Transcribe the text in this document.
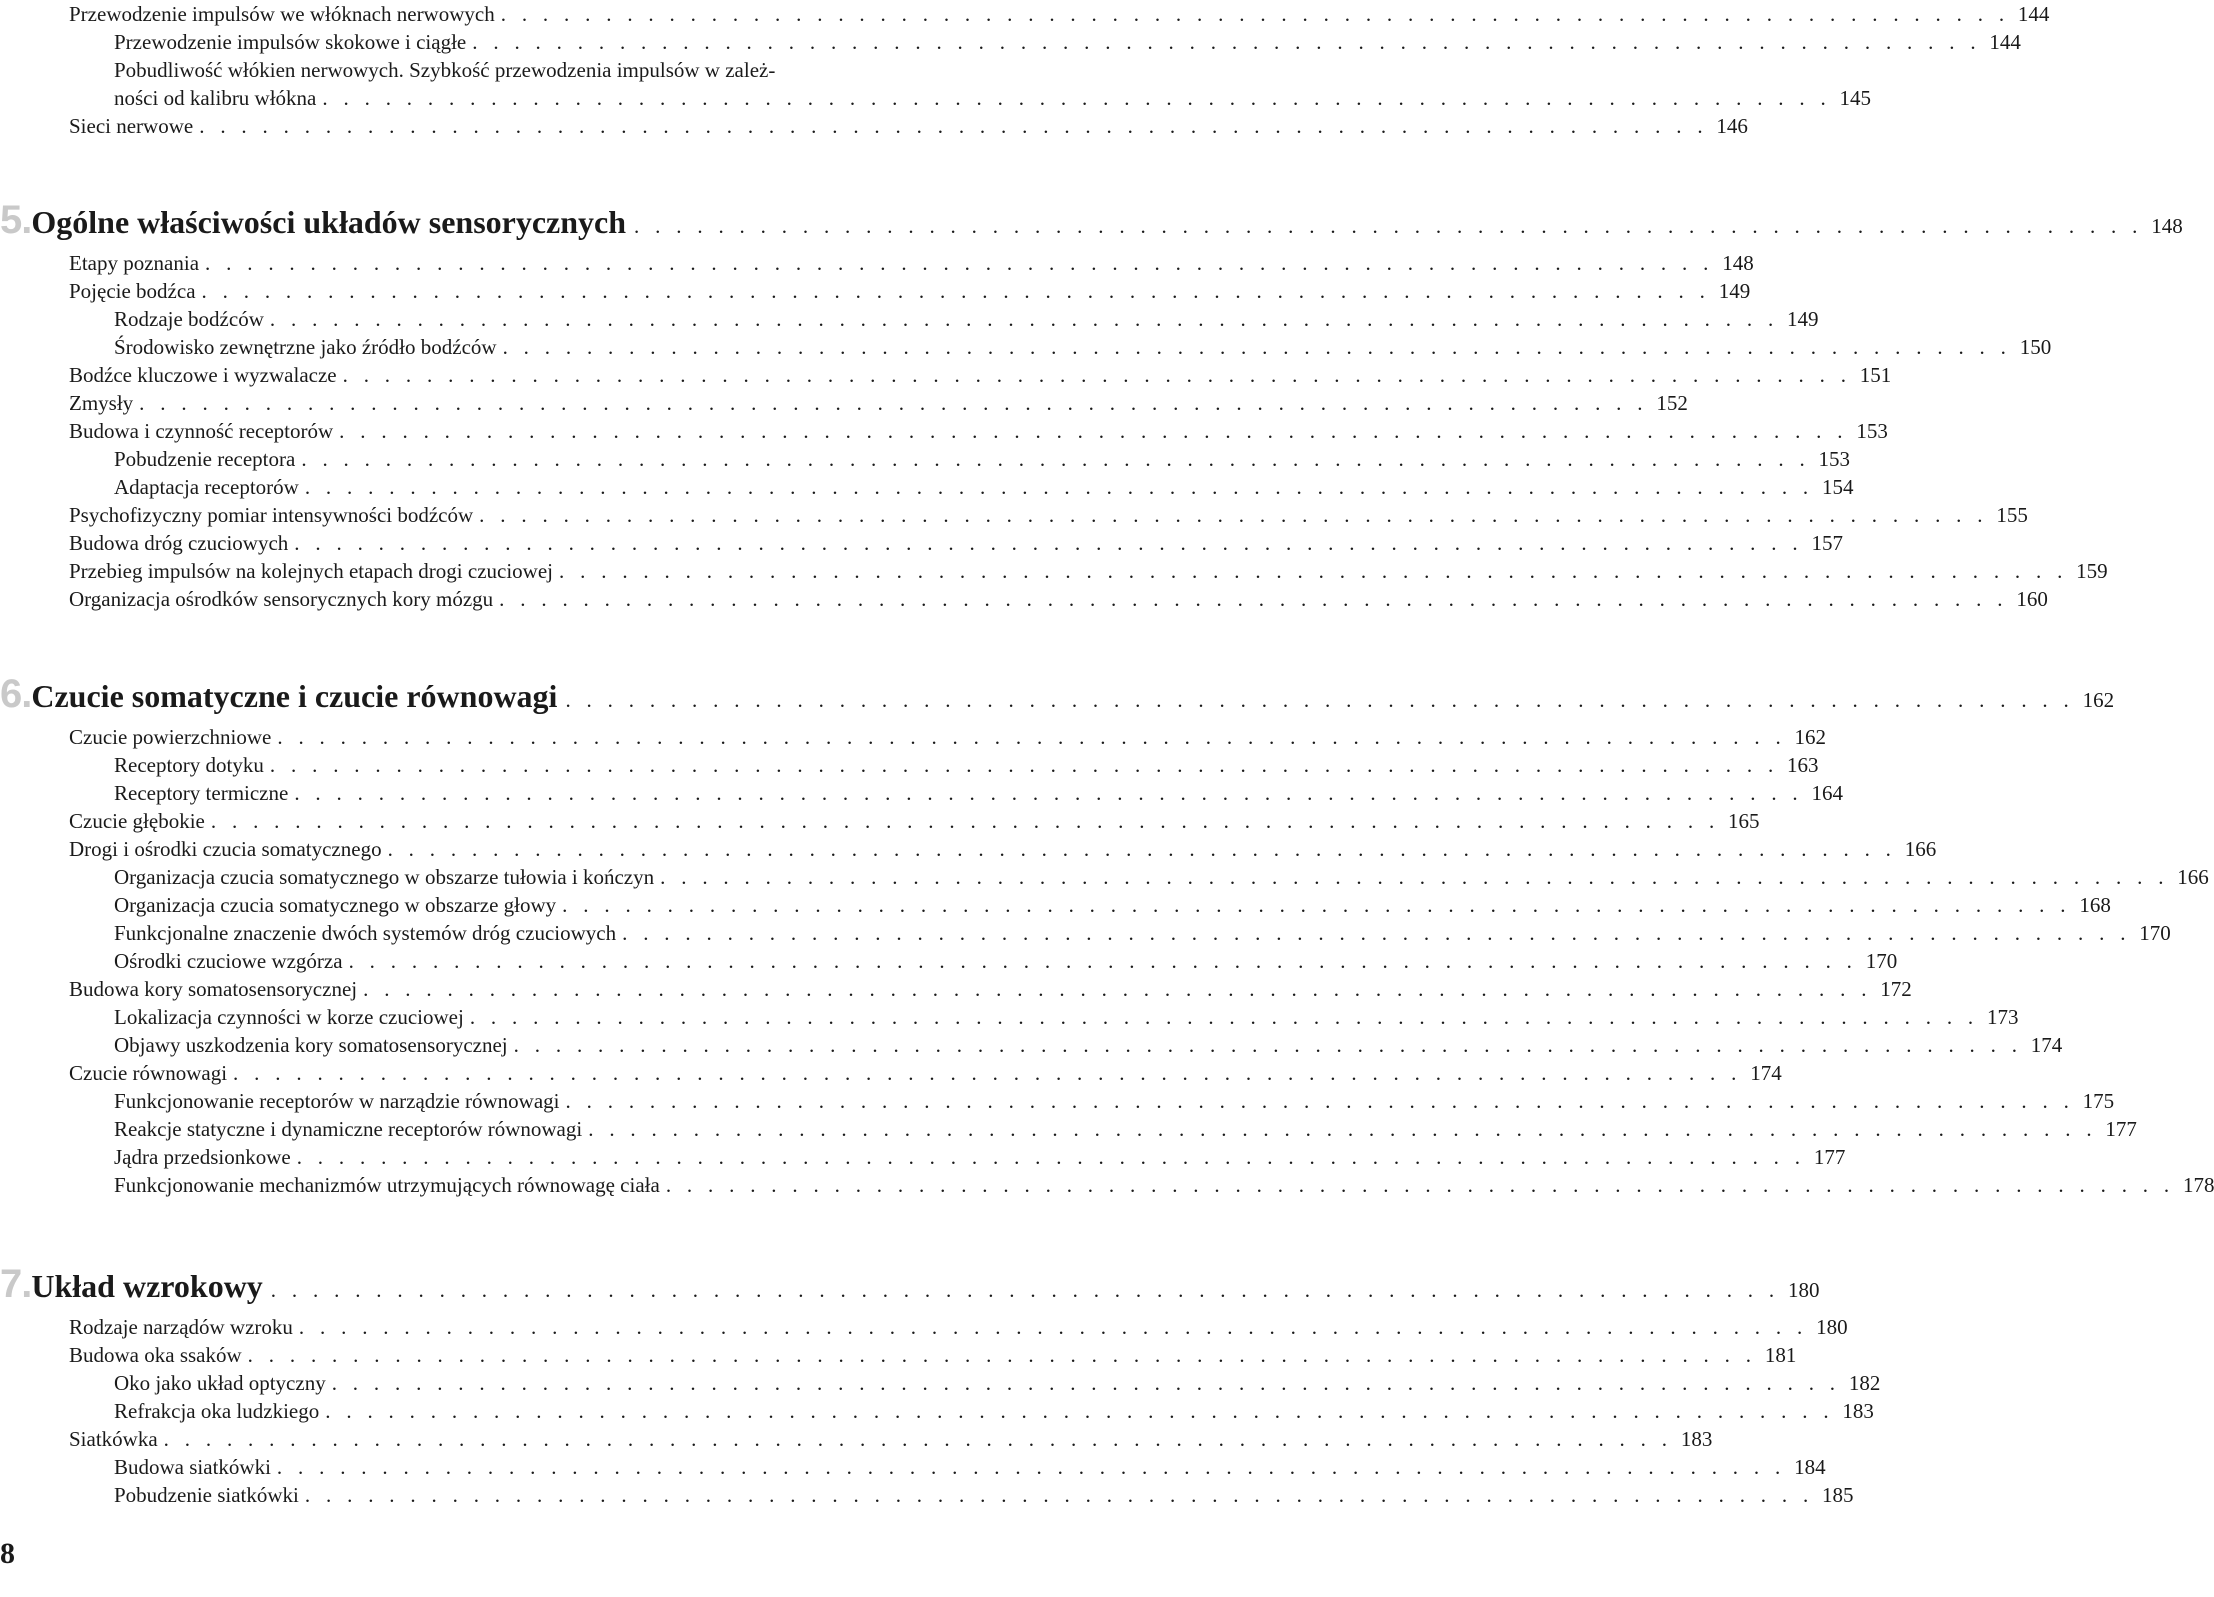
Przewodzenie impulsów we włóknach nerwowych . . . . . . . . . . . . . . . . . . . . . . . . . . . . . . . . . . . . . . . . . . . . . . . . . . . . . . . . . . . . . . . . . . . . . . . . 144
Przewodzenie impulsów skokowe i ciągłe . . . . . . . . . . . . . . . . . . . . . . . . . . . . . . . . . . . . . . . . . . . . . . . . . . . . . . . . . . . . . . . . . . . . . . . . 144
Pobudliwość włókien nerwowych. Szybkość przewodzenia impulsów w zależ-
ności od kalibru włókna . . . . . . . . . . . . . . . . . . . . . . . . . . . . . . . . . . . . . . . . . . . . . . . . . . . . . . . . . . . . . . . . . . . . . . . . 145
Sieci nerwowe . . . . . . . . . . . . . . . . . . . . . . . . . . . . . . . . . . . . . . . . . . . . . . . . . . . . . . . . . . . . . . . . . . . . . . . . 146
5. Ogólne właściwości układów sensorycznych . . . . . . . . . . . . . . . . . . . . . . . . . . . . . . . . . . . . . . . . . . . . . . . . . . . . . . . . . . . . . . . . . . . . . . . . 148
Etapy poznania . . . . . . . . . . . . . . . . . . . . . . . . . . . . . . . . . . . . . . . . . . . . . . . . . . . . . . . . . . . . . . . . . . . . . . . . 148
Pojęcie bodźca . . . . . . . . . . . . . . . . . . . . . . . . . . . . . . . . . . . . . . . . . . . . . . . . . . . . . . . . . . . . . . . . . . . . . . . . 149
Rodzaje bodźców . . . . . . . . . . . . . . . . . . . . . . . . . . . . . . . . . . . . . . . . . . . . . . . . . . . . . . . . . . . . . . . . . . . . . . . . 149
Środowisko zewnętrzne jako źródło bodźców . . . . . . . . . . . . . . . . . . . . . . . . . . . . . . . . . . . . . . . . . . . . . . . . . . . . . . . . . . . . . . . . . . . . . . . . 150
Bodźce kluczowe i wyzwalacze . . . . . . . . . . . . . . . . . . . . . . . . . . . . . . . . . . . . . . . . . . . . . . . . . . . . . . . . . . . . . . . . . . . . . . . . 151
Zmysły . . . . . . . . . . . . . . . . . . . . . . . . . . . . . . . . . . . . . . . . . . . . . . . . . . . . . . . . . . . . . . . . . . . . . . . . 152
Budowa i czynność receptorów . . . . . . . . . . . . . . . . . . . . . . . . . . . . . . . . . . . . . . . . . . . . . . . . . . . . . . . . . . . . . . . . . . . . . . . . 153
Pobudzenie receptora . . . . . . . . . . . . . . . . . . . . . . . . . . . . . . . . . . . . . . . . . . . . . . . . . . . . . . . . . . . . . . . . . . . . . . . . 153
Adaptacja receptorów . . . . . . . . . . . . . . . . . . . . . . . . . . . . . . . . . . . . . . . . . . . . . . . . . . . . . . . . . . . . . . . . . . . . . . . . 154
Psychofizyczny pomiar intensywności bodźców . . . . . . . . . . . . . . . . . . . . . . . . . . . . . . . . . . . . . . . . . . . . . . . . . . . . . . . . . . . . . . . . . . . . . . . . 155
Budowa dróg czuciowych . . . . . . . . . . . . . . . . . . . . . . . . . . . . . . . . . . . . . . . . . . . . . . . . . . . . . . . . . . . . . . . . . . . . . . . . 157
Przebieg impulsów na kolejnych etapach drogi czuciowej . . . . . . . . . . . . . . . . . . . . . . . . . . . . . . . . . . . . . . . . . . . . . . . . . . . . . . . . . . . . . . . . . . . . . . . . 159
Organizacja ośrodków sensorycznych kory mózgu . . . . . . . . . . . . . . . . . . . . . . . . . . . . . . . . . . . . . . . . . . . . . . . . . . . . . . . . . . . . . . . . . . . . . . . . 160
6. Czucie somatyczne i czucie równowagi . . . . . . . . . . . . . . . . . . . . . . . . . . . . . . . . . . . . . . . . . . . . . . . . . . . . . . . . . . . . . . . . . . . . . . . . 162
Czucie powierzchniowe . . . . . . . . . . . . . . . . . . . . . . . . . . . . . . . . . . . . . . . . . . . . . . . . . . . . . . . . . . . . . . . . . . . . . . . . 162
Receptory dotyku . . . . . . . . . . . . . . . . . . . . . . . . . . . . . . . . . . . . . . . . . . . . . . . . . . . . . . . . . . . . . . . . . . . . . . . . 163
Receptory termiczne . . . . . . . . . . . . . . . . . . . . . . . . . . . . . . . . . . . . . . . . . . . . . . . . . . . . . . . . . . . . . . . . . . . . . . . . 164
Czucie głębokie . . . . . . . . . . . . . . . . . . . . . . . . . . . . . . . . . . . . . . . . . . . . . . . . . . . . . . . . . . . . . . . . . . . . . . . . 165
Drogi i ośrodki czucia somatycznego . . . . . . . . . . . . . . . . . . . . . . . . . . . . . . . . . . . . . . . . . . . . . . . . . . . . . . . . . . . . . . . . . . . . . . . . 166
Organizacja czucia somatycznego w obszarze tułowia i kończyn . . . . . . . . . . . . . . . . . . . . . . . . . . . . . . . . . . . . . . . . . . . . . . . . . . . . . . . . . . . . . . . . . . . . . . . . 166
Organizacja czucia somatycznego w obszarze głowy . . . . . . . . . . . . . . . . . . . . . . . . . . . . . . . . . . . . . . . . . . . . . . . . . . . . . . . . . . . . . . . . . . . . . . . . 168
Funkcjonalne znaczenie dwóch systemów dróg czuciowych . . . . . . . . . . . . . . . . . . . . . . . . . . . . . . . . . . . . . . . . . . . . . . . . . . . . . . . . . . . . . . . . . . . . . . . . 170
Ośrodki czuciowe wzgórza . . . . . . . . . . . . . . . . . . . . . . . . . . . . . . . . . . . . . . . . . . . . . . . . . . . . . . . . . . . . . . . . . . . . . . . . 170
Budowa kory somatosensorycznej . . . . . . . . . . . . . . . . . . . . . . . . . . . . . . . . . . . . . . . . . . . . . . . . . . . . . . . . . . . . . . . . . . . . . . . . 172
Lokalizacja czynności w korze czuciowej . . . . . . . . . . . . . . . . . . . . . . . . . . . . . . . . . . . . . . . . . . . . . . . . . . . . . . . . . . . . . . . . . . . . . . . . 173
Objawy uszkodzenia kory somatosensorycznej . . . . . . . . . . . . . . . . . . . . . . . . . . . . . . . . . . . . . . . . . . . . . . . . . . . . . . . . . . . . . . . . . . . . . . . . 174
Czucie równowagi . . . . . . . . . . . . . . . . . . . . . . . . . . . . . . . . . . . . . . . . . . . . . . . . . . . . . . . . . . . . . . . . . . . . . . . . 174
Funkcjonowanie receptorów w narządzie równowagi . . . . . . . . . . . . . . . . . . . . . . . . . . . . . . . . . . . . . . . . . . . . . . . . . . . . . . . . . . . . . . . . . . . . . . . . 175
Reakcje statyczne i dynamiczne receptorów równowagi . . . . . . . . . . . . . . . . . . . . . . . . . . . . . . . . . . . . . . . . . . . . . . . . . . . . . . . . . . . . . . . . . . . . . . . . 177
Jądra przedsionkowe . . . . . . . . . . . . . . . . . . . . . . . . . . . . . . . . . . . . . . . . . . . . . . . . . . . . . . . . . . . . . . . . . . . . . . . . 177
Funkcjonowanie mechanizmów utrzymujących równowagę ciała . . . . . . . . . . . . . . . . . . . . . . . . . . . . . . . . . . . . . . . . . . . . . . . . . . . . . . . . . . . . . . . . . . . . . . . . 178
7. Układ wzrokowy . . . . . . . . . . . . . . . . . . . . . . . . . . . . . . . . . . . . . . . . . . . . . . . . . . . . . . . . . . . . . . . . . . . . . . . . 180
Rodzaje narządów wzroku . . . . . . . . . . . . . . . . . . . . . . . . . . . . . . . . . . . . . . . . . . . . . . . . . . . . . . . . . . . . . . . . . . . . . . . . 180
Budowa oka ssaków . . . . . . . . . . . . . . . . . . . . . . . . . . . . . . . . . . . . . . . . . . . . . . . . . . . . . . . . . . . . . . . . . . . . . . . . 181
Oko jako układ optyczny . . . . . . . . . . . . . . . . . . . . . . . . . . . . . . . . . . . . . . . . . . . . . . . . . . . . . . . . . . . . . . . . . . . . . . . . 182
Refrakcja oka ludzkiego . . . . . . . . . . . . . . . . . . . . . . . . . . . . . . . . . . . . . . . . . . . . . . . . . . . . . . . . . . . . . . . . . . . . . . . . 183
Siatkówka . . . . . . . . . . . . . . . . . . . . . . . . . . . . . . . . . . . . . . . . . . . . . . . . . . . . . . . . . . . . . . . . . . . . . . . . 183
Budowa siatkówki . . . . . . . . . . . . . . . . . . . . . . . . . . . . . . . . . . . . . . . . . . . . . . . . . . . . . . . . . . . . . . . . . . . . . . . . 184
Pobudzenie siatkówki . . . . . . . . . . . . . . . . . . . . . . . . . . . . . . . . . . . . . . . . . . . . . . . . . . . . . . . . . . . . . . . . . . . . . . . . 185
8
